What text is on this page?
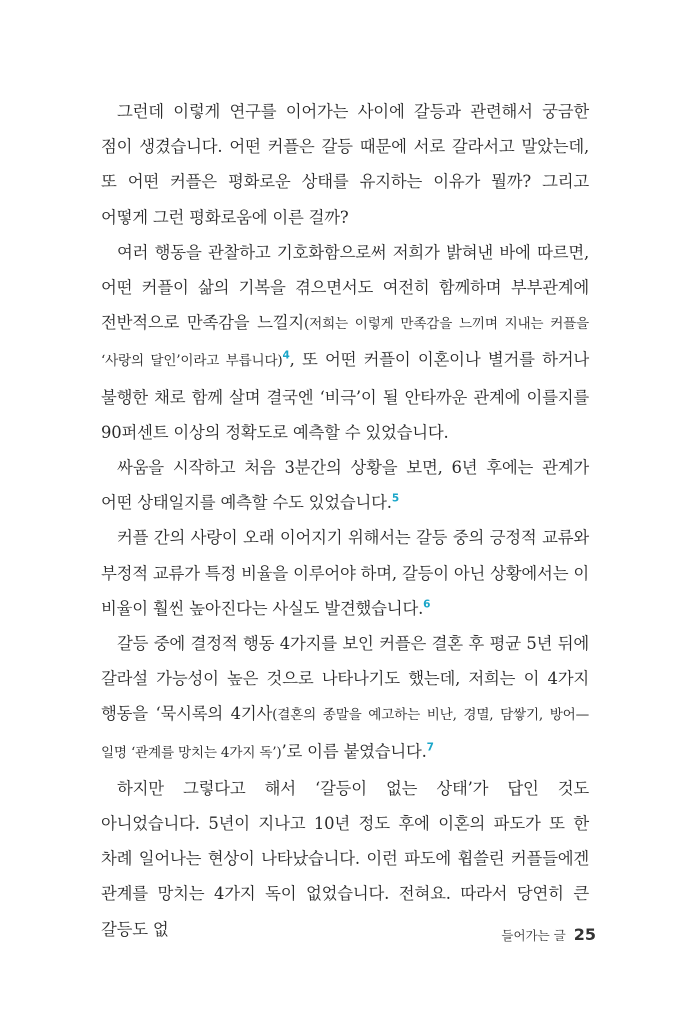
그런데 이렇게 연구를 이어가는 사이에 갈등과 관련해서 궁금한 점이 생겼습니다. 어떤 커플은 갈등 때문에 서로 갈라서고 말았는데, 또 어떤 커플은 평화로운 상태를 유지하는 이유가 뭘까? 그리고 어떻게 그런 평화로움에 이른 걸까?

여러 행동을 관찰하고 기호화함으로써 저희가 밝혀낸 바에 따르면, 어떤 커플이 삶의 기복을 겪으면서도 여전히 함께하며 부부관계에 전반적으로 만족감을 느낄지(저희는 이렇게 만족감을 느끼며 지내는 커플을 ‘사랑의 달인’이라고 부릅니다)$^4$, 또 어떤 커플이 이혼이나 별거를 하거나 불행한 채로 함께 살며 결국엔 ‘비극’이 될 안타까운 관계에 이를지를 90퍼센트 이상의 정확도로 예측할 수 있었습니다.

싸움을 시작하고 처음 3분간의 상황을 보면, 6년 후에는 관계가 어떤 상태일지를 예측할 수도 있었습니다.$^5$

커플 간의 사랑이 오래 이어지기 위해서는 갈등 중의 긍정적 교류와 부정적 교류가 특정 비율을 이루어야 하며, 갈등이 아닌 상황에서는 이 비율이 훨씬 높아진다는 사실도 발견했습니다.$^6$

갈등 중에 결정적 행동 4가지를 보인 커플은 결혼 후 평균 5년 뒤에 갈라설 가능성이 높은 것으로 나타나기도 했는데, 저희는 이 4가지 행동을 ‘묵시록의 4기사(결혼의 종말을 예고하는 비난, 경멸, 담쌓기, 방어—일명 ‘관계를 망치는 4가지 독’)’로 이름 붙였습니다.$^7$

하지만 그렇다고 해서 ‘갈등이 없는 상태’가 답인 것도 아니었습니다. 5년이 지나고 10년 정도 후에 이혼의 파도가 또 한 차례 일어나는 현상이 나타났습니다. 이런 파도에 휩쓸린 커플들에겐 관계를 망치는 4가지 독이 없었습니다. 전혀요. 따라서 당연히 큰 갈등도 없	들어가는 글 25
